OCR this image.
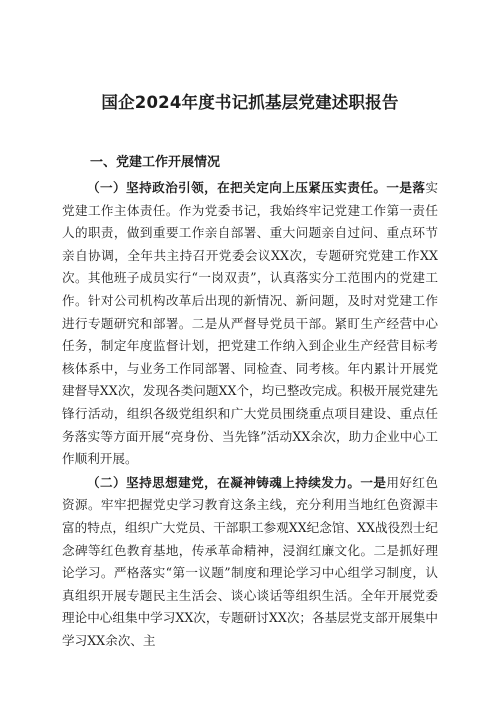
国企2024年度书记抓基层党建述职报告
一、党建工作开展情况

（一）坚持政治引领，在把关定向上压紧压实责任。一是落实党建工作主体责任。作为党委书记，我始终牢记党建工作第一责任人的职责，做到重要工作亲自部署、重大问题亲自过问、重点环节亲自协调，全年共主持召开党委会议XX次，专题研究党建工作XX次。其他班子成员实行“一岗双责”，认真落实分工范围内的党建工作。针对公司机构改革后出现的新情况、新问题，及时对党建工作进行专题研究和部署。二是从严督导党员干部。紧盯生产经营中心任务，制定年度监督计划，把党建工作纳入到企业生产经营目标考核体系中，与业务工作同部署、同检查、同考核。年内累计开展党建督导XX次，发现各类问题XX个，均已整改完成。积极开展党建先锋行活动，组织各级党组织和广大党员围绕重点项目建设、重点任务落实等方面开展“亮身份、当先锋”活动XX余次，助力企业中心工作顺利开展。

（二）坚持思想建党，在凝神铸魂上持续发力。一是用好红色资源。牢牢把握党史学习教育这条主线，充分利用当地红色资源丰富的特点，组织广大党员、干部职工参观XX纪念馆、XX战役烈士纪念碑等红色教育基地，传承革命精神，浸润红廉文化。二是抓好理论学习。严格落实“第一议题”制度和理论学习中心组学习制度，认真组织开展专题民主生活会、谈心谈话等组织生活。全年开展党委理论中心组集中学习XX次，专题研讨XX次；各基层党支部开展集中学习XX余次、主
